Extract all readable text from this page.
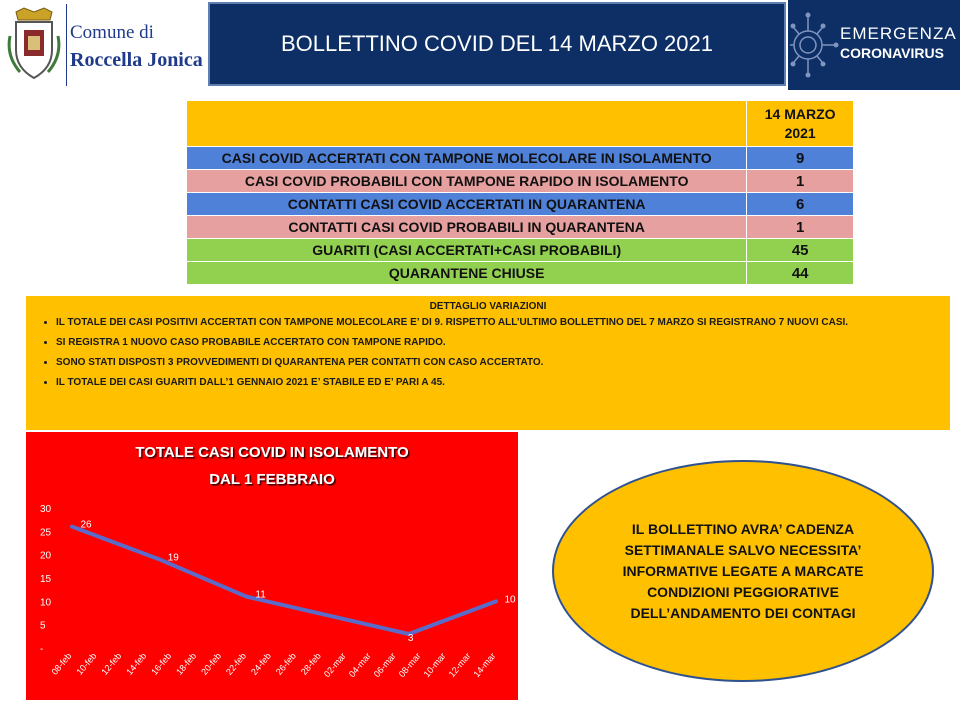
Comune di
Roccella Jonica
BOLLETTINO COVID DEL 14 MARZO 2021	EMERGENZA
CORONAVIRUS
	14 MARZO 2021
CASI COVID ACCERTATI CON TAMPONE MOLECOLARE IN ISOLAMENTO	9
CASI COVID PROBABILI CON TAMPONE RAPIDO IN ISOLAMENTO	1
CONTATTI CASI COVID ACCERTATI IN QUARANTENA	6
CONTATTI CASI COVID PROBABILI IN QUARANTENA	1
GUARITI (CASI ACCERTATI+CASI PROBABILI)	45
QUARANTENE CHIUSE	44
DETTAGLIO VARIAZIONI
• IL TOTALE DEI CASI POSITIVI ACCERTATI CON TAMPONE MOLECOLARE E’ DI 9. RISPETTO ALL’ULTIMO BOLLETTINO DEL 7 MARZO SI REGISTRANO 7 NUOVI CASI.
• SI REGISTRA 1 NUOVO CASO PROBABILE ACCERTATO CON TAMPONE RAPIDO.
• SONO STATI DISPOSTI 3 PROVVEDIMENTI DI QUARANTENA PER CONTATTI CON CASO ACCERTATO.
• IL TOTALE DEI CASI GUARITI DALL’1 GENNAIO 2021 E’ STABILE ED E’ PARI A 45.
TOTALE CASI COVID IN ISOLAMENTO
DAL 1 FEBBRAIO
-
5
10
15
20
25
30
08-feb 10-feb 12-feb 14-feb 16-feb 18-feb 20-feb 22-feb 24-feb 26-feb 28-feb
02-mar
04-mar
06-mar
08-mar
10-mar
12-mar
14-mar
26
19
11
3
10
IL BOLLETTINO AVRA’ CADENZA SETTIMANALE SALVO NECESSITA’ INFORMATIVE LEGATE A MARCATE CONDIZIONI PEGGIORATIVE DELL’ANDAMENTO DEI CONTAGI
